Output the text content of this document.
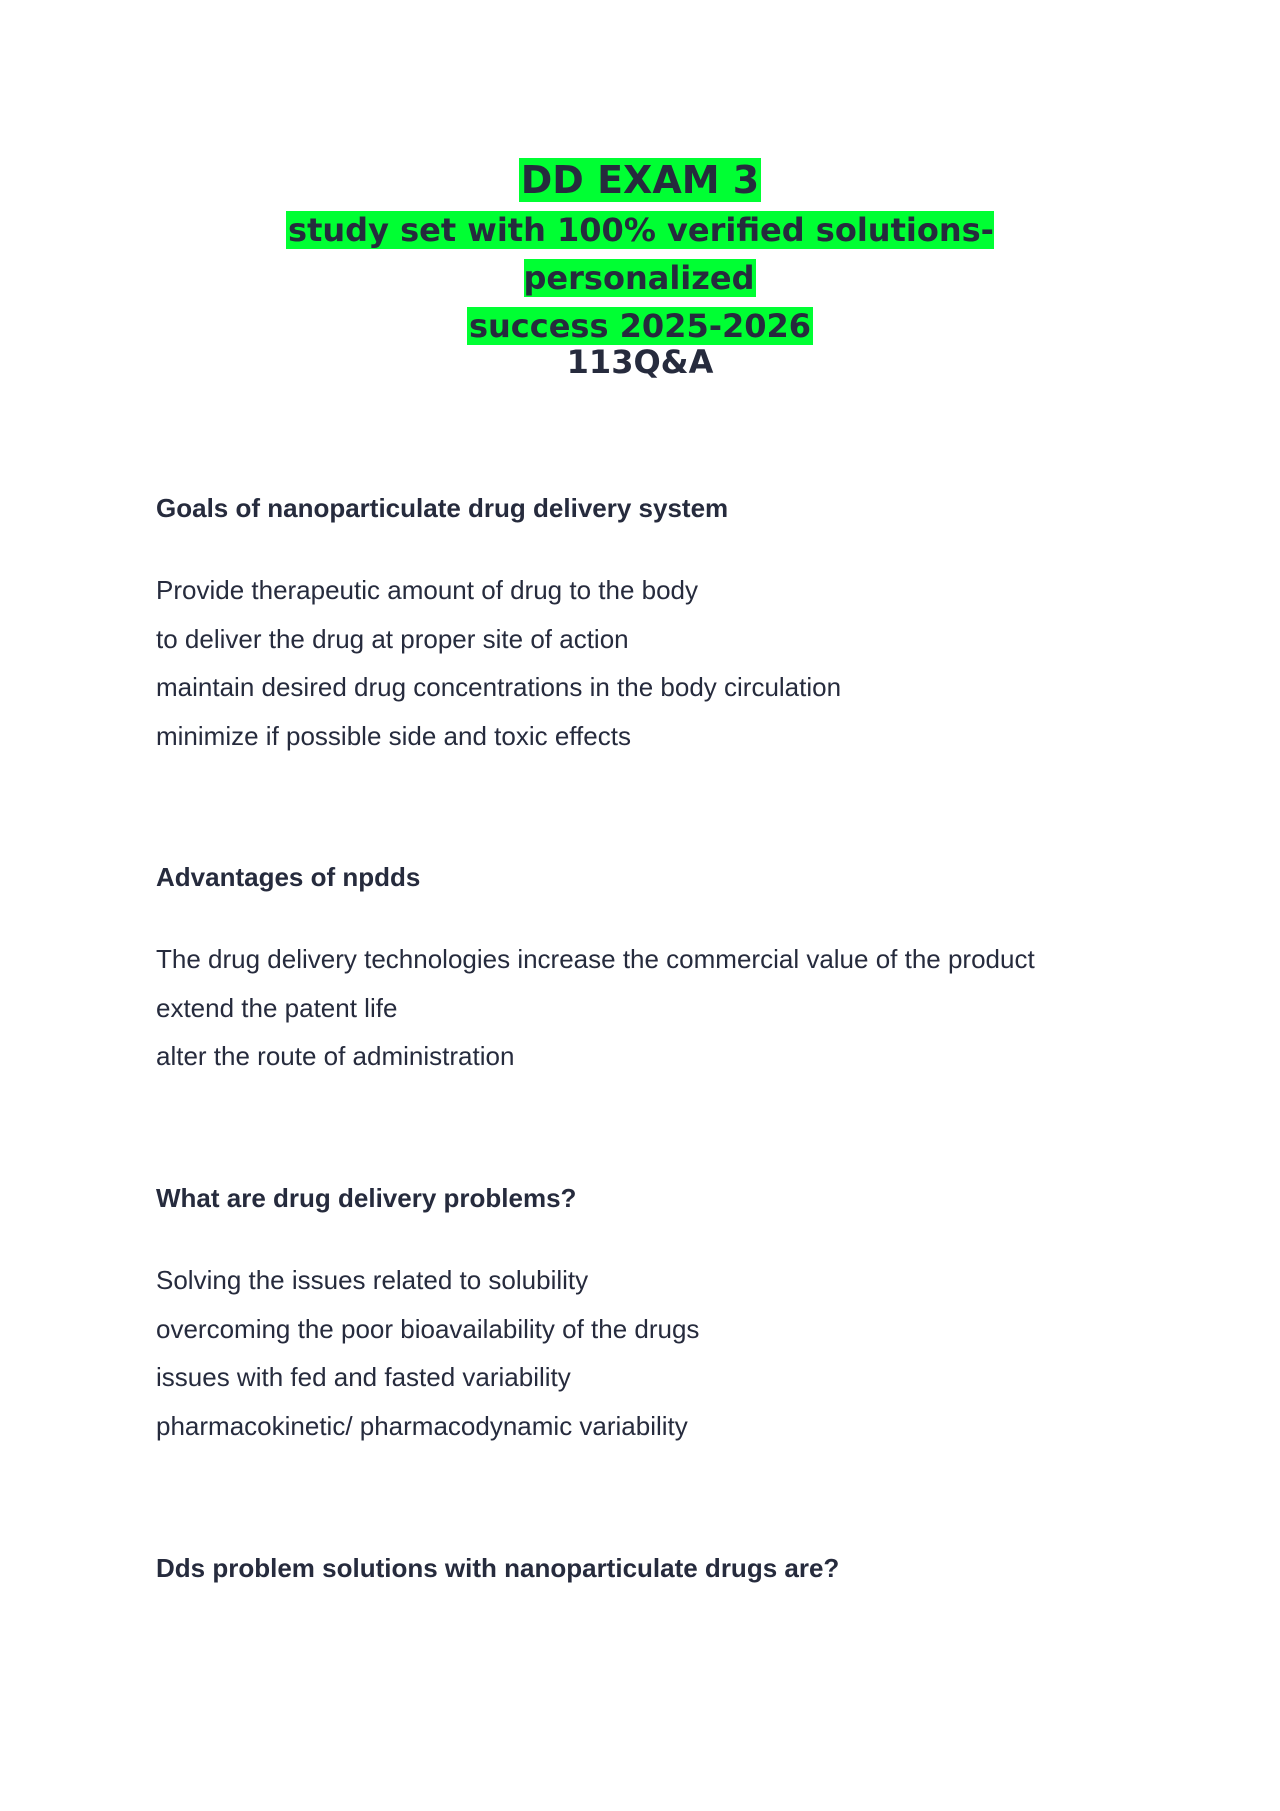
DD EXAM 3

study set with 100% verified solutions-personalized
success 2025-2026

113Q&A

Goals of nanoparticulate drug delivery system

Provide therapeutic amount of drug to the body
to deliver the drug at proper site of action
maintain desired drug concentrations in the body circulation
minimize if possible side and toxic effects

Advantages of npdds

The drug delivery technologies increase the commercial value of the product
extend the patent life
alter the route of administration

What are drug delivery problems?

Solving the issues related to solubility
overcoming the poor bioavailability of the drugs
issues with fed and fasted variability
pharmacokinetic/ pharmacodynamic variability

Dds problem solutions with nanoparticulate drugs are?
